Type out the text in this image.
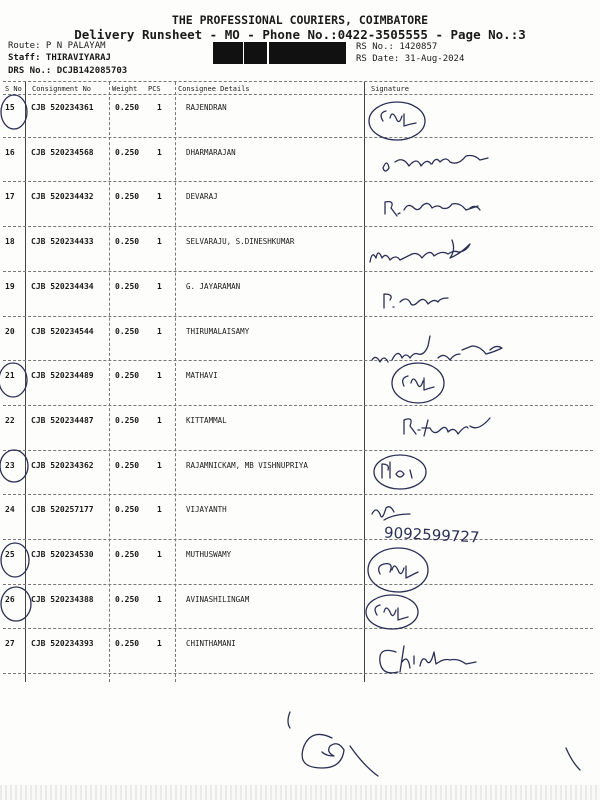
THE PROFESSIONAL COURIERS, COIMBATORE
Delivery Runsheet - MO - Phone No.:0422-3505555 - Page No.:3
Route: P N PALAYAM
Staff: THIRAVIYARAJ
DRS No.: DCJB142085703
RS No.: 1420857
RS Date: 31-Aug-2024
S No Consignment No	Weight PCS Consignee Details	Signature
15 CJB 520234361	0.250 1	RAJENDRAN
16 CJB 520234568	0.250 1	DHARMARAJAN
17 CJB 520234432	0.250 1	DEVARAJ
18 CJB 520234433	0.250 1	SELVARAJU, S.DINESHKUMAR
19 CJB 520234434	0.250 1	G. JAYARAMAN
20 CJB 520234544	0.250 1	THIRUMALAISAMY
21 CJB 520234489	0.250 1	MATHAVI
22 CJB 520234487	0.250 1	KITTAMMAL
23 CJB 520234362	0.250 1	RAJAMNICKAM, MB VISHNUPRIYA
24 CJB 520257177	0.250 1	VIJAYANTH
25 CJB 520234530	0.250 1	MUTHUSWAMY
26 CJB 520234388	0.250 1	AVINASHILINGAM
27 CJB 520234393	0.250 1	CHINTHAMANI
9092599727
